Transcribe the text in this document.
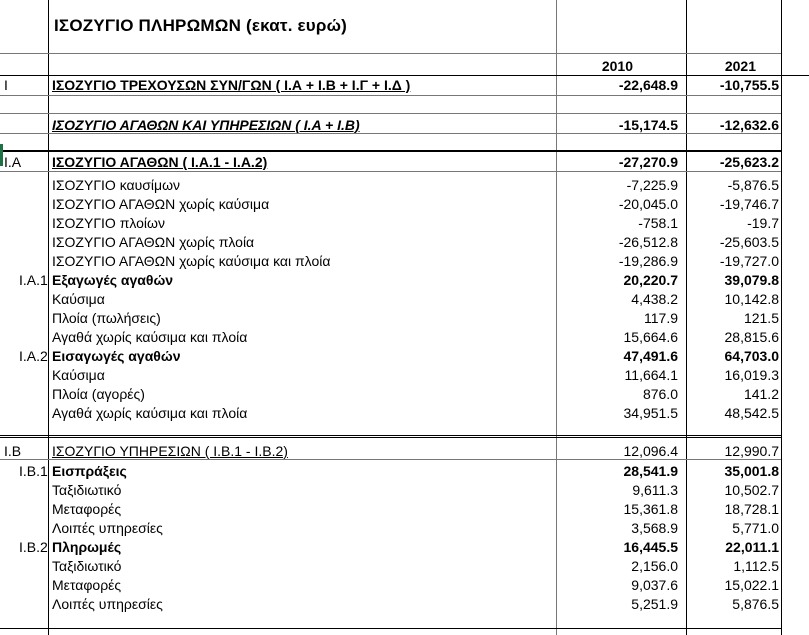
ΙΣΟΖΥΓΙΟ ΠΛΗΡΩΜΩΝ (εκατ. ευρώ)
2010	2021
I	ΙΣΟΖΥΓΙΟ ΤΡΕΧΟΥΣΩΝ ΣΥΝ/ΓΩΝ ( Ι.Α + Ι.Β + Ι.Γ + Ι.Δ )	-22,648.9	-10,755.5
ΙΣΟΖΥΓΙΟ ΑΓΑΘΩΝ ΚΑΙ ΥΠΗΡΕΣΙΩΝ ( Ι.Α + Ι.Β)	-15,174.5	-12,632.6
I.A ΙΣΟΖΥΓΙΟ ΑΓΑΘΩΝ ( Ι.Α.1 - Ι.Α.2)	-27,270.9	-25,623.2
ΙΣΟΖΥΓΙΟ καυσίμων	-7,225.9	-5,876.5
ΙΣΟΖΥΓΙΟ ΑΓΑΘΩΝ χωρίς καύσιμα	-20,045.0	-19,746.7
ΙΣΟΖΥΓΙΟ πλοίων	-758.1	-19.7
ΙΣΟΖΥΓΙΟ ΑΓΑΘΩΝ χωρίς πλοία	-26,512.8	-25,603.5
ΙΣΟΖΥΓΙΟ ΑΓΑΘΩΝ χωρίς καύσιμα και πλοία	-19,286.9	-19,727.0
I.A.1 Εξαγωγές αγαθών	20,220.7	39,079.8
Καύσιμα	4,438.2	10,142.8
Πλοία (πωλήσεις)	117.9	121.5
Αγαθά χωρίς καύσιμα και πλοία	15,664.6	28,815.6
I.A.2 Εισαγωγές αγαθών	47,491.6	64,703.0
Καύσιμα	11,664.1	16,019.3
Πλοία (αγορές)	876.0	141.2
Αγαθά χωρίς καύσιμα και πλοία	34,951.5	48,542.5
I.B ΙΣΟΖΥΓΙΟ ΥΠΗΡΕΣΙΩΝ ( Ι.Β.1 - Ι.Β.2)	12,096.4	12,990.7
I.B.1 Εισπράξεις	28,541.9	35,001.8
Ταξιδιωτικό	9,611.3	10,502.7
Μεταφορές	15,361.8	18,728.1
Λοιπές υπηρεσίες	3,568.9	5,771.0
I.B.2 Πληρωμές	16,445.5	22,011.1
Ταξιδιωτικό	2,156.0	1,112.5
Μεταφορές	9,037.6	15,022.1
Λοιπές υπηρεσίες	5,251.9	5,876.5
